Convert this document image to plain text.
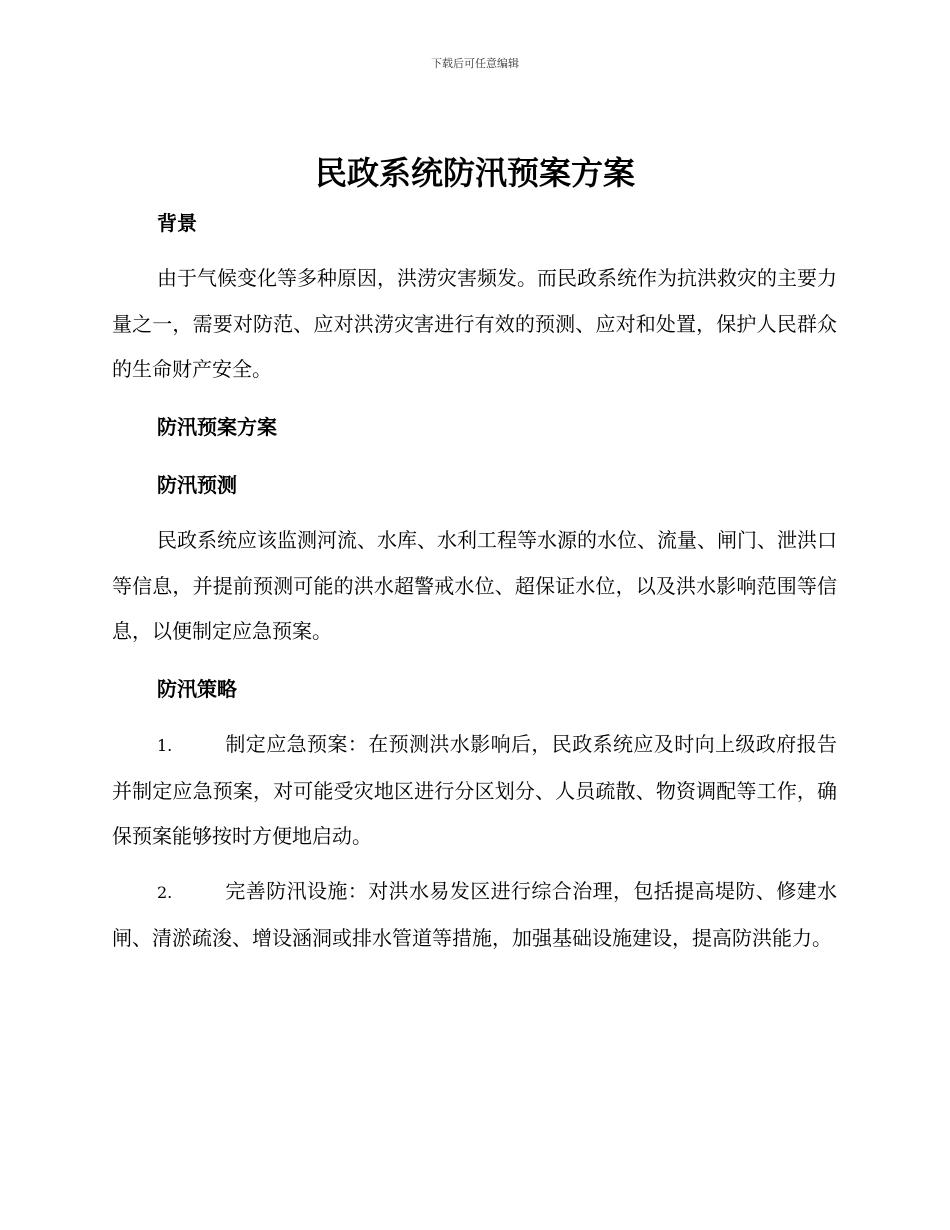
下载后可任意编辑
民政系统防汛预案方案
背景

由于气候变化等多种原因，洪涝灾害频发。而民政系统作为抗洪救灾的主要力量之一，需要对防范、应对洪涝灾害进行有效的预测、应对和处置，保护人民群众的生命财产安全。

防汛预案方案
防汛预测

民政系统应该监测河流、水库、水利工程等水源的水位、流量、闸门、泄洪口等信息，并提前预测可能的洪水超警戒水位、超保证水位，以及洪水影响范围等信息，以便制定应急预案。

防汛策略

1.	制定应急预案：在预测洪水影响后，民政系统应及时向上级政府报告并制定应急预案，对可能受灾地区进行分区划分、人员疏散、物资调配等工作，确保预案能够按时方便地启动。

2.	完善防汛设施：对洪水易发区进行综合治理，包括提高堤防、修建水闸、清淤疏浚、增设涵洞或排水管道等措施，加强基础设施建设，提高防洪能力。
